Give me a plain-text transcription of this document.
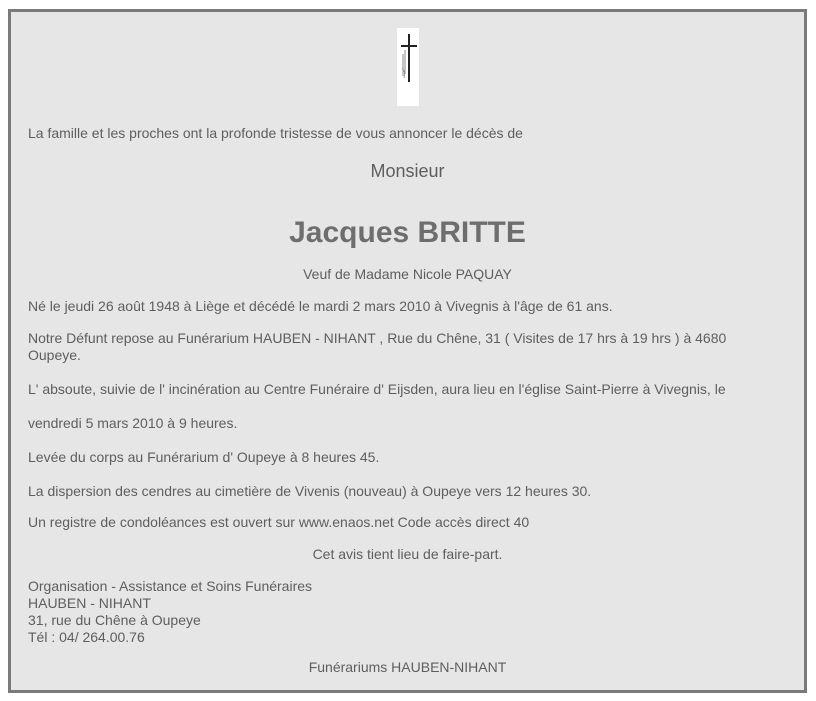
La famille et les proches ont la profonde tristesse de vous annoncer le décès de
Monsieur
Jacques BRITTE
Veuf de Madame Nicole PAQUAY
Né le jeudi 26 août 1948 à Liège et décédé le mardi 2 mars 2010 à Vivegnis à l'âge de 61 ans.
Notre Défunt repose au Funérarium HAUBEN - NIHANT , Rue du Chêne, 31 ( Visites de 17 hrs à 19 hrs ) à 4680 Oupeye.
L' absoute, suivie de l' incinération au Centre Funéraire d' Eijsden, aura lieu en l'église Saint-Pierre à Vivegnis, le
vendredi 5 mars 2010 à 9 heures.
Levée du corps au Funérarium d' Oupeye à 8 heures 45.
La dispersion des cendres au cimetière de Vivenis (nouveau) à Oupeye vers 12 heures 30.
Un registre de condoléances est ouvert sur www.enaos.net Code accès direct 40
Cet avis tient lieu de faire-part.
Organisation - Assistance et Soins Funéraires
HAUBEN - NIHANT
31, rue du Chêne à Oupeye
Tél : 04/ 264.00.76
Funérariums HAUBEN-NIHANT
